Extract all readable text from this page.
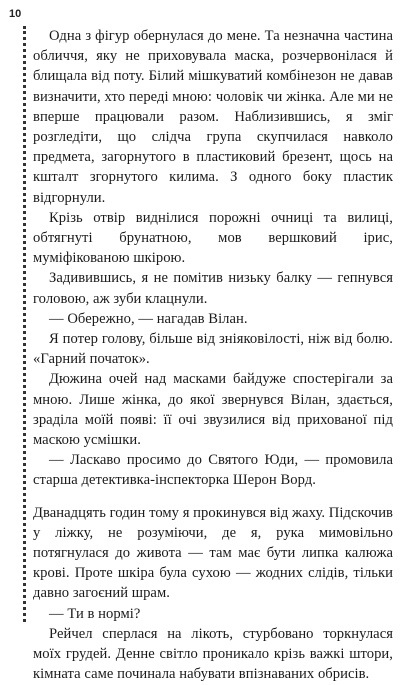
10

Одна з фігур обернулася до мене. Та незначна частина обличчя, яку не приховувала маска, розчервонілася й блищала від поту. Білий мішкуватий комбінезон не давав визначити, хто переді мною: чоловік чи жінка. Але ми не вперше працювали разом. Наблизившись, я зміг розгледіти, що слідча група скупчилася навколо предмета, загорнутого в пластиковий брезент, щось на кшталт згорнутого килима. З одного боку пластик відгорнули.

Крізь отвір виднілися порожні очниці та вилиці, обтягнуті брунатною, мов вершковий ірис, муміфікованою шкірою.

Задивившись, я не помітив низьку балку — гепнувся головою, аж зуби клацнули.

— Обережно, — нагадав Вілан.

Я потер голову, більше від зніяковілості, ніж від болю. «Гарний початок».

Дюжина очей над масками байдуже спостерігали за мною. Лише жінка, до якої звернувся Вілан, здається, зраділа моїй появі: її очі звузилися від прихованої під маскою усмішки.

— Ласкаво просимо до Святого Юди, — промовила старша детективка-інспекторка Шерон Ворд.

Дванадцять годин тому я прокинувся від жаху. Підскочив у ліжку, не розуміючи, де я, рука мимовільно потягнулася до живота — там має бути липка калюжа крові. Проте шкіра була сухою — жодних слідів, тільки давно загоєний шрам.

— Ти в нормі?

Рейчел сперлася на лікоть, стурбовано торкнулася моїх грудей. Денне світло проникало крізь важкі штори, кімната саме починала набувати впізнаваних обрисів.
